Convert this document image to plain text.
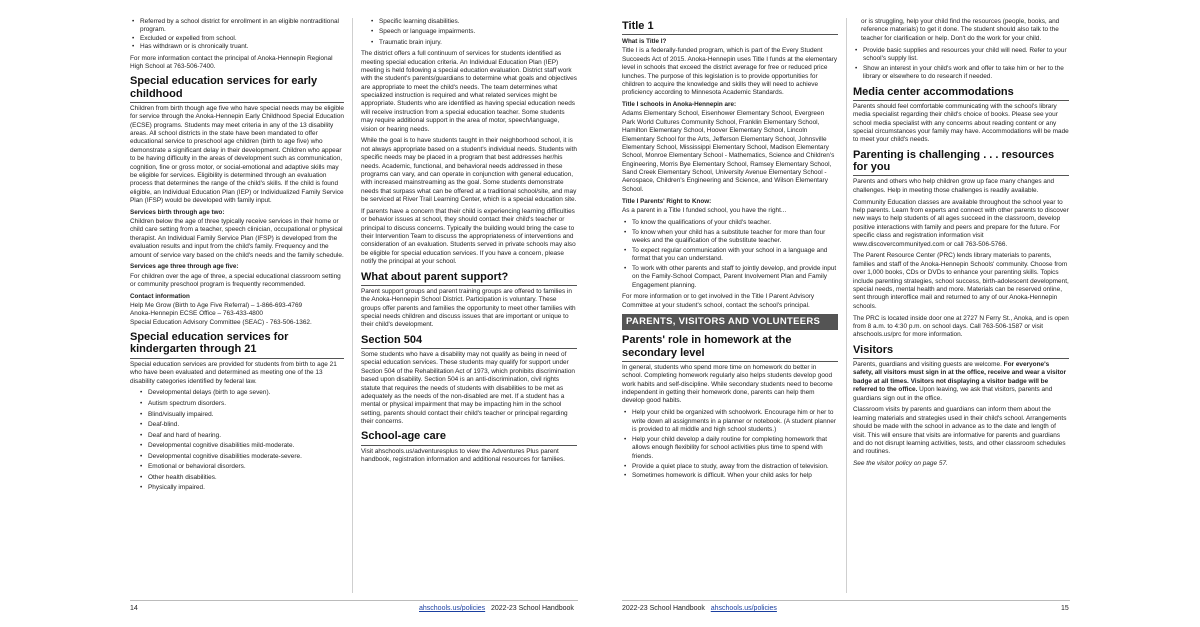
• Referred by a school district for enrollment in an eligible nontraditional program.
• Excluded or expelled from school.
• Has withdrawn or is chronically truant.

For more information contact the principal of Anoka-Hennepin Regional High School at 763-506-7400.

Special education services for early childhood

Children from birth though age five who have special needs may be eligible for service through the Anoka-Hennepin Early Childhood Special Education (ECSE) programs. Students may meet criteria in any of the 13 disability areas. All school districts in the state have been mandated to offer educational service to preschool age children (birth to age five) who demonstrate a significant delay in their development. Children who appear to be having difficulty in the areas of development such as communication, cognition, fine or gross motor, or social-emotional and adaptive skills may be eligible for services. Eligibility is determined through an evaluation process that determines the range of the child's skills. If the child is found eligible, an Individual Education Plan (IEP) or Individualized Family Service Plan (IFSP) would be developed with family input.

Services birth through age two:

Children below the age of three typically receive services in their home or child care setting from a teacher, speech clinician, occupational or physical therapist. An Individual Family Service Plan (IFSP) is developed from the evaluation results and input from the child's family. Frequency and the amount of service vary based on the child's needs and the family schedule.

Services age three through age five:

For children over the age of three, a special educational classroom setting or community preschool program is frequently recommended.

Contact information

Help Me Grow (Birth to Age Five Referral) – 1-866-693-4769
Anoka-Hennepin ECSE Office – 763-433-4800
Special Education Advisory Committee (SEAC) - 763-506-1362.

Special education services for kindergarten through 21

Special education services are provided for students from birth to age 21 who have been evaluated and determined as meeting one of the 13 disability categories identified by federal law.

• Developmental delays (birth to age seven).
• Autism spectrum disorders.
• Blind/visually impaired.
• Deaf-blind.
• Deaf and hard of hearing.
• Developmental cognitive disabilities mild-moderate.
• Developmental cognitive disabilities moderate-severe.
• Emotional or behavioral disorders.
• Other health disabilities.
• Physically impaired.
• Specific learning disabilities.
• Speech or language impairments.
• Traumatic brain injury.

The district offers a full continuum of services for students identified as meeting special education criteria. An Individual Education Plan (IEP) meeting is held following a special education evaluation. District staff work with the student's parents/guardians to determine what goals and objectives are appropriate to meet the child's needs. The team determines what specialized instruction is required and what related services might be appropriate. Students who are identified as having special education needs will receive instruction from a special education teacher. Some students may require additional support in the area of motor, speech/language, vision or hearing needs.

While the goal is to have students taught in their neighborhood school, it is not always appropriate based on a student's individual needs. Students with specific needs may be placed in a program that best addresses her/his needs. Academic, functional, and behavioral needs addressed in these programs can vary, and can operate in conjunction with general education, with increased mainstreaming as the goal. Some students demonstrate needs that surpass what can be offered at a traditional school/site, and may be serviced at River Trail Learning Center, which is a special education site.

If parents have a concern that their child is experiencing learning difficulties or behavior issues at school, they should contact their child's teacher or principal to discuss concerns. Typically the building would bring the case to their Intervention Team to discuss the appropriateness of interventions and consideration of an evaluation. Students served in private schools may also be eligible for special education services. If you have a concern, please notify the principal at your school.

What about parent support?

Parent support groups and parent training groups are offered to families in the Anoka-Hennepin School District. Participation is voluntary. These groups offer parents and families the opportunity to meet other families with special needs children and discuss issues that are important or unique to their child's development.

Section 504

Some students who have a disability may not qualify as being in need of special education services. These students may qualify for support under Section 504 of the Rehabilitation Act of 1973, which prohibits discrimination based upon disability. Section 504 is an anti-discrimination, civil rights statute that requires the needs of students with disabilities to be met as adequately as the needs of the non-disabled are met. If a student has a mental or physical impairment that may be impacting him in the school setting, parents should contact their child's teacher or principal regarding their concerns.

School-age care

Visit ahschools.us/adventuresplus to view the Adventures Plus parent handbook, registration information and additional resources for families.

14	ahschools.us/policies 2022-23 School Handbook
Title 1
What is Title I?

Title I is a federally-funded program, which is part of the Every Student Succeeds Act of 2015. Anoka-Hennepin uses Title I funds at the elementary level in schools that exceed the district average for free or reduced price lunches. The purpose of this legislation is to provide opportunities for children to acquire the knowledge and skills they will need to achieve proficiency according to Minnesota Academic Standards.

Title I schools in Anoka-Hennepin are:

Adams Elementary School, Eisenhower Elementary School, Evergreen Park World Cultures Community School, Franklin Elementary School, Hamilton Elementary School, Hoover Elementary School, Lincoln Elementary School for the Arts, Jefferson Elementary School, Johnsville Elementary School, Mississippi Elementary School, Madison Elementary School, Monroe Elementary School - Mathematics, Science and Children's Engineering, Morris Bye Elementary School, Ramsey Elementary School, Sand Creek Elementary School, University Avenue Elementary School - Aerospace, Children's Engineering and Science, and Wilson Elementary School.

Title I Parents' Right to Know:

As a parent in a Title I funded school, you have the right...

• To know the qualifications of your child's teacher.
• To know when your child has a substitute teacher for more than four weeks and the qualification of the substitute teacher.
• To expect regular communication with your school in a language and format that you can understand.
• To work with other parents and staff to jointly develop, and provide input on the Family-School Compact, Parent Involvement Plan and Family Engagement planning.

For more information or to get involved in the Title I Parent Advisory Committee at your student's school, contact the school's principal.

PARENTS, VISITORS AND VOLUNTEERS
Parents' role in homework at the secondary level

In general, students who spend more time on homework do better in school. Completing homework regularly also helps students develop good work habits and self-discipline. While secondary students need to become independent in getting their homework done, parents can help them develop good habits.

• Help your child be organized with schoolwork. Encourage him or her to write down all assignments in a planner or notebook. (A student planner is provided to all middle and high school students.)
• Help your child develop a daily routine for completing homework that allows enough flexibility for school activities plus time to spend with friends.
• Provide a quiet place to study, away from the distraction of television.
• Sometimes homework is difficult. When your child asks for help

or is struggling, help your child find the resources (people, books, and reference materials) to get it done. The student should also talk to the teacher for clarification or help. Don't do the work for your child.

• Provide basic supplies and resources your child will need. Refer to your school's supply list.
• Show an interest in your child's work and offer to take him or her to the library or elsewhere to do research if needed.
Media center accommodations

Parents should feel comfortable communicating with the school's library media specialist regarding their child's choice of books. Please see your school media specialist with any concerns about reading content or any special circumstances your family may have. Accommodations will be made to meet your child's needs.

Parenting is challenging . . . resources for you

Parents and others who help children grow up face many changes and challenges. Help in meeting those challenges is readily available.

Community Education classes are available throughout the school year to help parents. Learn from experts and connect with other parents to discover new ways to help students of all ages succeed in the classroom, develop positive interactions with family and peers and prepare for the future. For specific class and registration information visit www.discovercommunityed.com or call 763-506-5766.

The Parent Resource Center (PRC) lends library materials to parents, families and staff of the Anoka-Hennepin Schools' community. Choose from over 1,000 books, CDs or DVDs to enhance your parenting skills. Topics include parenting strategies, school success, birth-adolescent development, special needs, mental health and more. Materials can be reserved online, sent through interoffice mail and returned to any of our Anoka-Hennepin schools.

The PRC is located inside door one at 2727 N Ferry St., Anoka, and is open from 8 a.m. to 4:30 p.m. on school days. Call 763-506-1587 or visit ahschools.us/prc for more information.

Visitors

Parents, guardians and visiting guests are welcome. For everyone's safety, all visitors must sign in at the office, receive and wear a visitor badge at all times. Visitors not displaying a visitor badge will be referred to the office. Upon leaving, we ask that visitors, parents and guardians sign out in the office.

Classroom visits by parents and guardians can inform them about the learning materials and strategies used in their child's school. Arrangements should be made with the school in advance as to the date and length of visit. This will ensure that visits are informative for parents and guardians and do not disrupt learning activities, tests, and other classroom schedules and routines.

See the visitor policy on page 57.

2022-23 School Handbook ahschools.us/policies	15
